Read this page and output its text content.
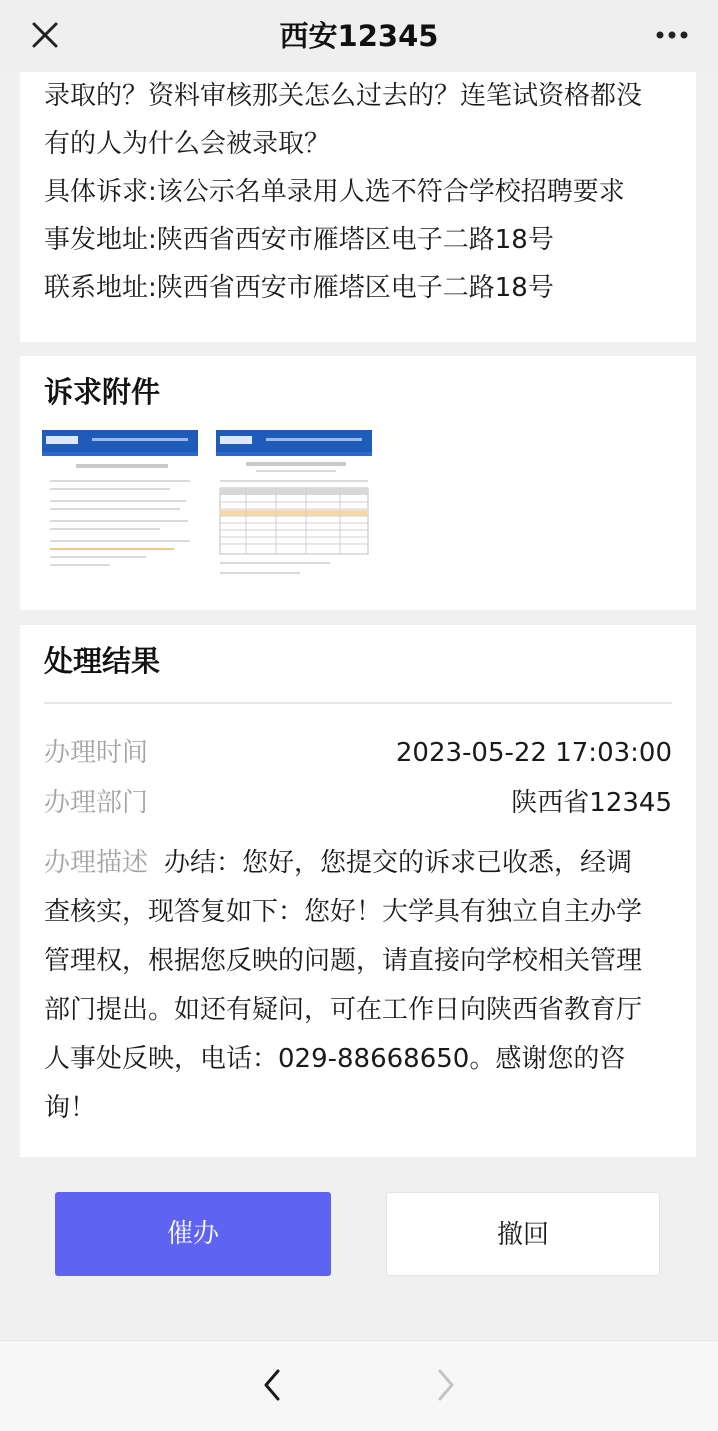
西安12345
录取的？资料审核那关怎么过去的？连笔试资格都没
有的人为什么会被录取？
具体诉求:该公示名单录用人选不符合学校招聘要求
事发地址:陕西省西安市雁塔区电子二路18号
联系地址:陕西省西安市雁塔区电子二路18号
诉求附件
处理结果
办理时间	2023-05-22 17:03:00
办理部门	陕西省12345
办理描述 办结：您好，您提交的诉求已收悉，经调
查核实，现答复如下：您好！大学具有独立自主办学
管理权，根据您反映的问题，请直接向学校相关管理
部门提出。如还有疑问，可在工作日向陕西省教育厅
人事处反映，电话：029-88668650。感谢您的咨
询！
催办	撤回
